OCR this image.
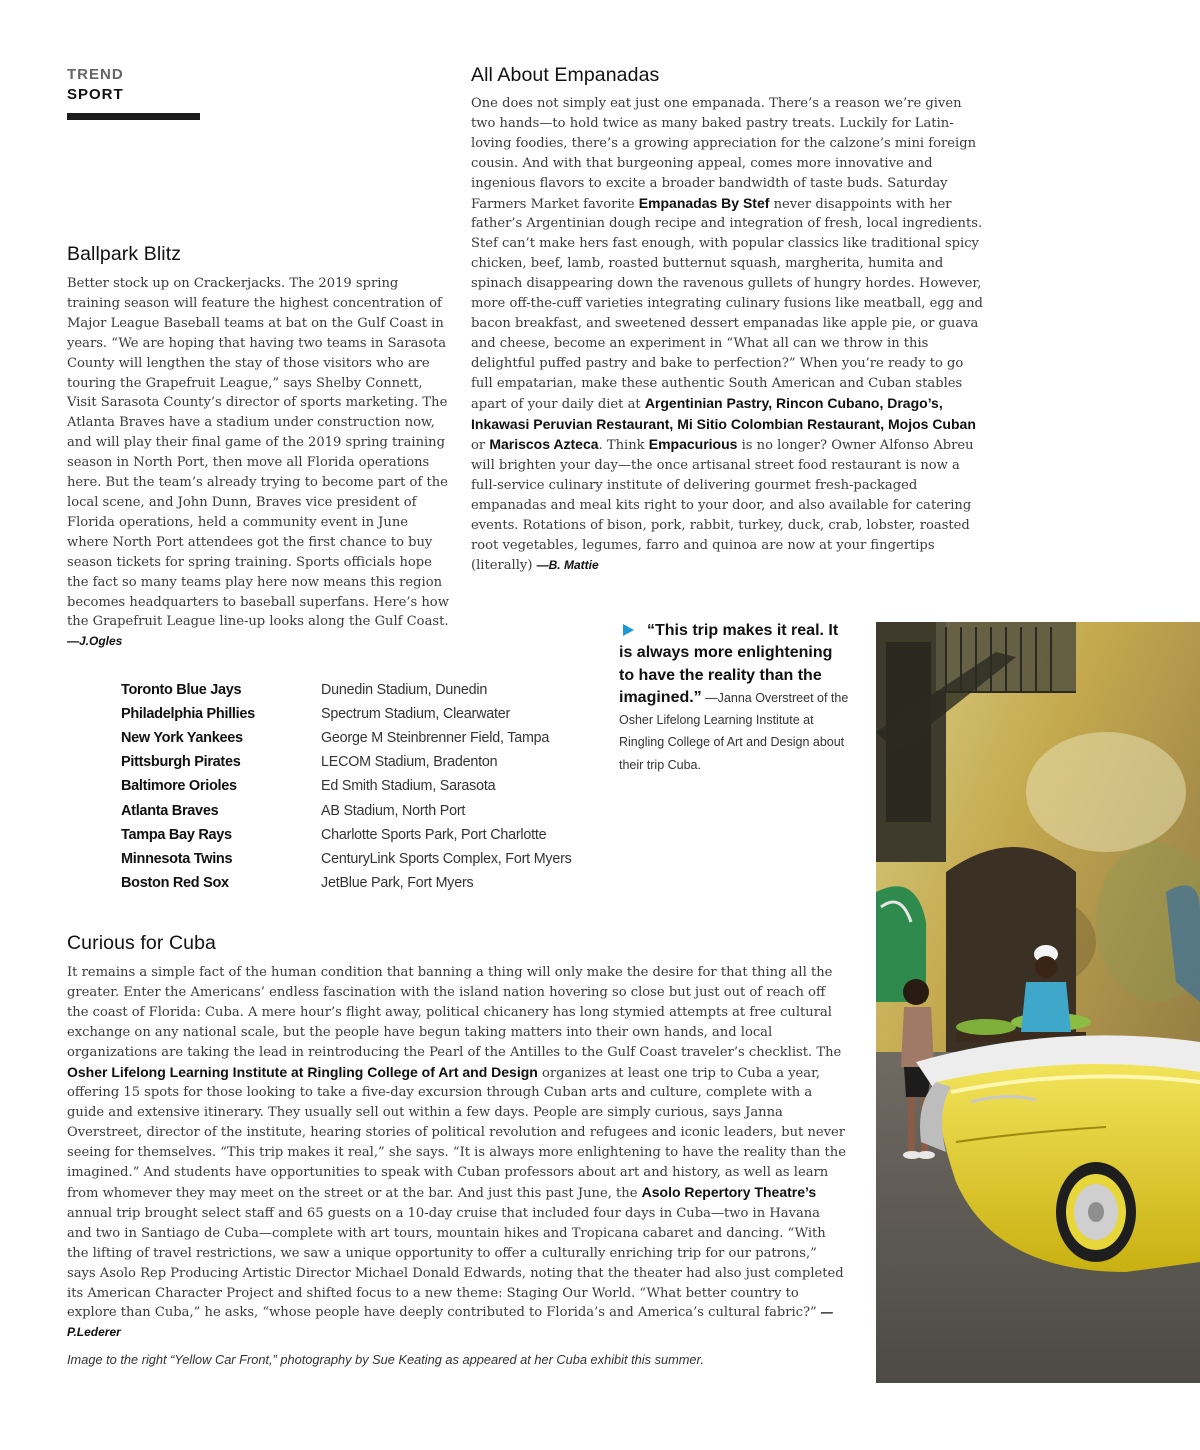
TREND
SPORT
All About Empanadas

One does not simply eat just one empanada. There’s a reason we’re given two hands—to hold twice as many baked pastry treats. Luckily for Latin-loving foodies, there’s a growing appreciation for the calzone’s mini foreign cousin. And with that burgeoning appeal, comes more innovative and ingenious flavors to excite a broader bandwidth of taste buds. Saturday Farmers Market favorite Empanadas By Stef never disappoints with her father’s Argentinian dough recipe and integration of fresh, local ingredients. Stef can’t make hers fast enough, with popular classics like traditional spicy chicken, beef, lamb, roasted butternut squash, margherita, humita and spinach disappearing down the ravenous gullets of hungry hordes. However, more off-the-cuff varieties integrating culinary fusions like meatball, egg and bacon breakfast, and sweetened dessert empanadas like apple pie, or guava and cheese, become an experiment in “What all can we throw in this delightful puffed pastry and bake to perfection?” When you’re ready to go full empatarian, make these authentic South American and Cuban stables apart of your daily diet at Argentinian Pastry, Rincon Cubano, Drago’s, Inkawasi Peruvian Restaurant, Mi Sitio Colombian Restaurant, Mojos Cuban or Mariscos Azteca. Think Empacurious is no longer? Owner Alfonso Abreu will brighten your day—the once artisanal street food restaurant is now a full-service culinary institute of delivering gourmet fresh-packaged empanadas and meal kits right to your door, and also available for catering events. Rotations of bison, pork, rabbit, turkey, duck, crab, lobster, roasted root vegetables, legumes, farro and quinoa are now at your fingertips (literally) —B. Mattie

Ballpark Blitz

Better stock up on Crackerjacks. The 2019 spring training season will feature the highest concentration of Major League Baseball teams at bat on the Gulf Coast in years. “We are hoping that having two teams in Sarasota County will lengthen the stay of those visitors who are touring the Grapefruit League,” says Shelby Connett, Visit Sarasota County’s director of sports marketing. The Atlanta Braves have a stadium under construction now, and will play their final game of the 2019 spring training season in North Port, then move all Florida operations here. But the team’s already trying to become part of the local scene, and John Dunn, Braves vice president of Florida operations, held a community event in June where North Port attendees got the first chance to buy season tickets for spring training. Sports officials hope the fact so many teams play here now means this region becomes headquarters to baseball superfans. Here’s how the Grapefruit League line-up looks along the Gulf Coast. —J.Ogles

Toronto Blue Jays	Dunedin Stadium, Dunedin
Philadelphia Phillies	Spectrum Stadium, Clearwater
New York Yankees	George M Steinbrenner Field, Tampa
Pittsburgh Pirates	LECOM Stadium, Bradenton
Baltimore Orioles	Ed Smith Stadium, Sarasota
Atlanta Braves	AB Stadium, North Port
Tampa Bay Rays	Charlotte Sports Park, Port Charlotte
Minnesota Twins	CenturyLink Sports Complex, Fort Myers
Boston Red Sox	JetBlue Park, Fort Myers

“This trip makes it real. It is always more enlightening to have the reality than the imagined.” —Janna Overstreet of the Osher Lifelong Learning Institute at Ringling College of Art and Design about their trip Cuba.

Curious for Cuba

It remains a simple fact of the human condition that banning a thing will only make the desire for that thing all the greater. Enter the Americans’ endless fascination with the island nation hovering so close but just out of reach off the coast of Florida: Cuba. A mere hour’s flight away, political chicanery has long stymied attempts at free cultural exchange on any national scale, but the people have begun taking matters into their own hands, and local organizations are taking the lead in reintroducing the Pearl of the Antilles to the Gulf Coast traveler’s checklist. The Osher Lifelong Learning Institute at Ringling College of Art and Design organizes at least one trip to Cuba a year, offering 15 spots for those looking to take a five-day excursion through Cuban arts and culture, complete with a guide and extensive itinerary. They usually sell out within a few days. People are simply curious, says Janna Overstreet, director of the institute, hearing stories of political revolution and refugees and iconic leaders, but never seeing for themselves. “This trip makes it real,” she says. “It is always more enlightening to have the reality than the imagined.” And students have opportunities to speak with Cuban professors about art and history, as well as learn from whomever they may meet on the street or at the bar. And just this past June, the Asolo Repertory Theatre’s annual trip brought select staff and 65 guests on a 10-day cruise that included four days in Cuba—two in Havana and two in Santiago de Cuba—complete with art tours, mountain hikes and Tropicana cabaret and dancing. “With the lifting of travel restrictions, we saw a unique opportunity to offer a culturally enriching trip for our patrons,” says Asolo Rep Producing Artistic Director Michael Donald Edwards, noting that the theater had also just completed its American Character Project and shifted focus to a new theme: Staging Our World. “What better country to explore than Cuba,” he asks, “whose people have deeply contributed to Florida’s and America’s cultural fabric?” —P.Lederer

Image to the right “Yellow Car Front,” photography by Sue Keating as appeared at her Cuba exhibit this summer.
